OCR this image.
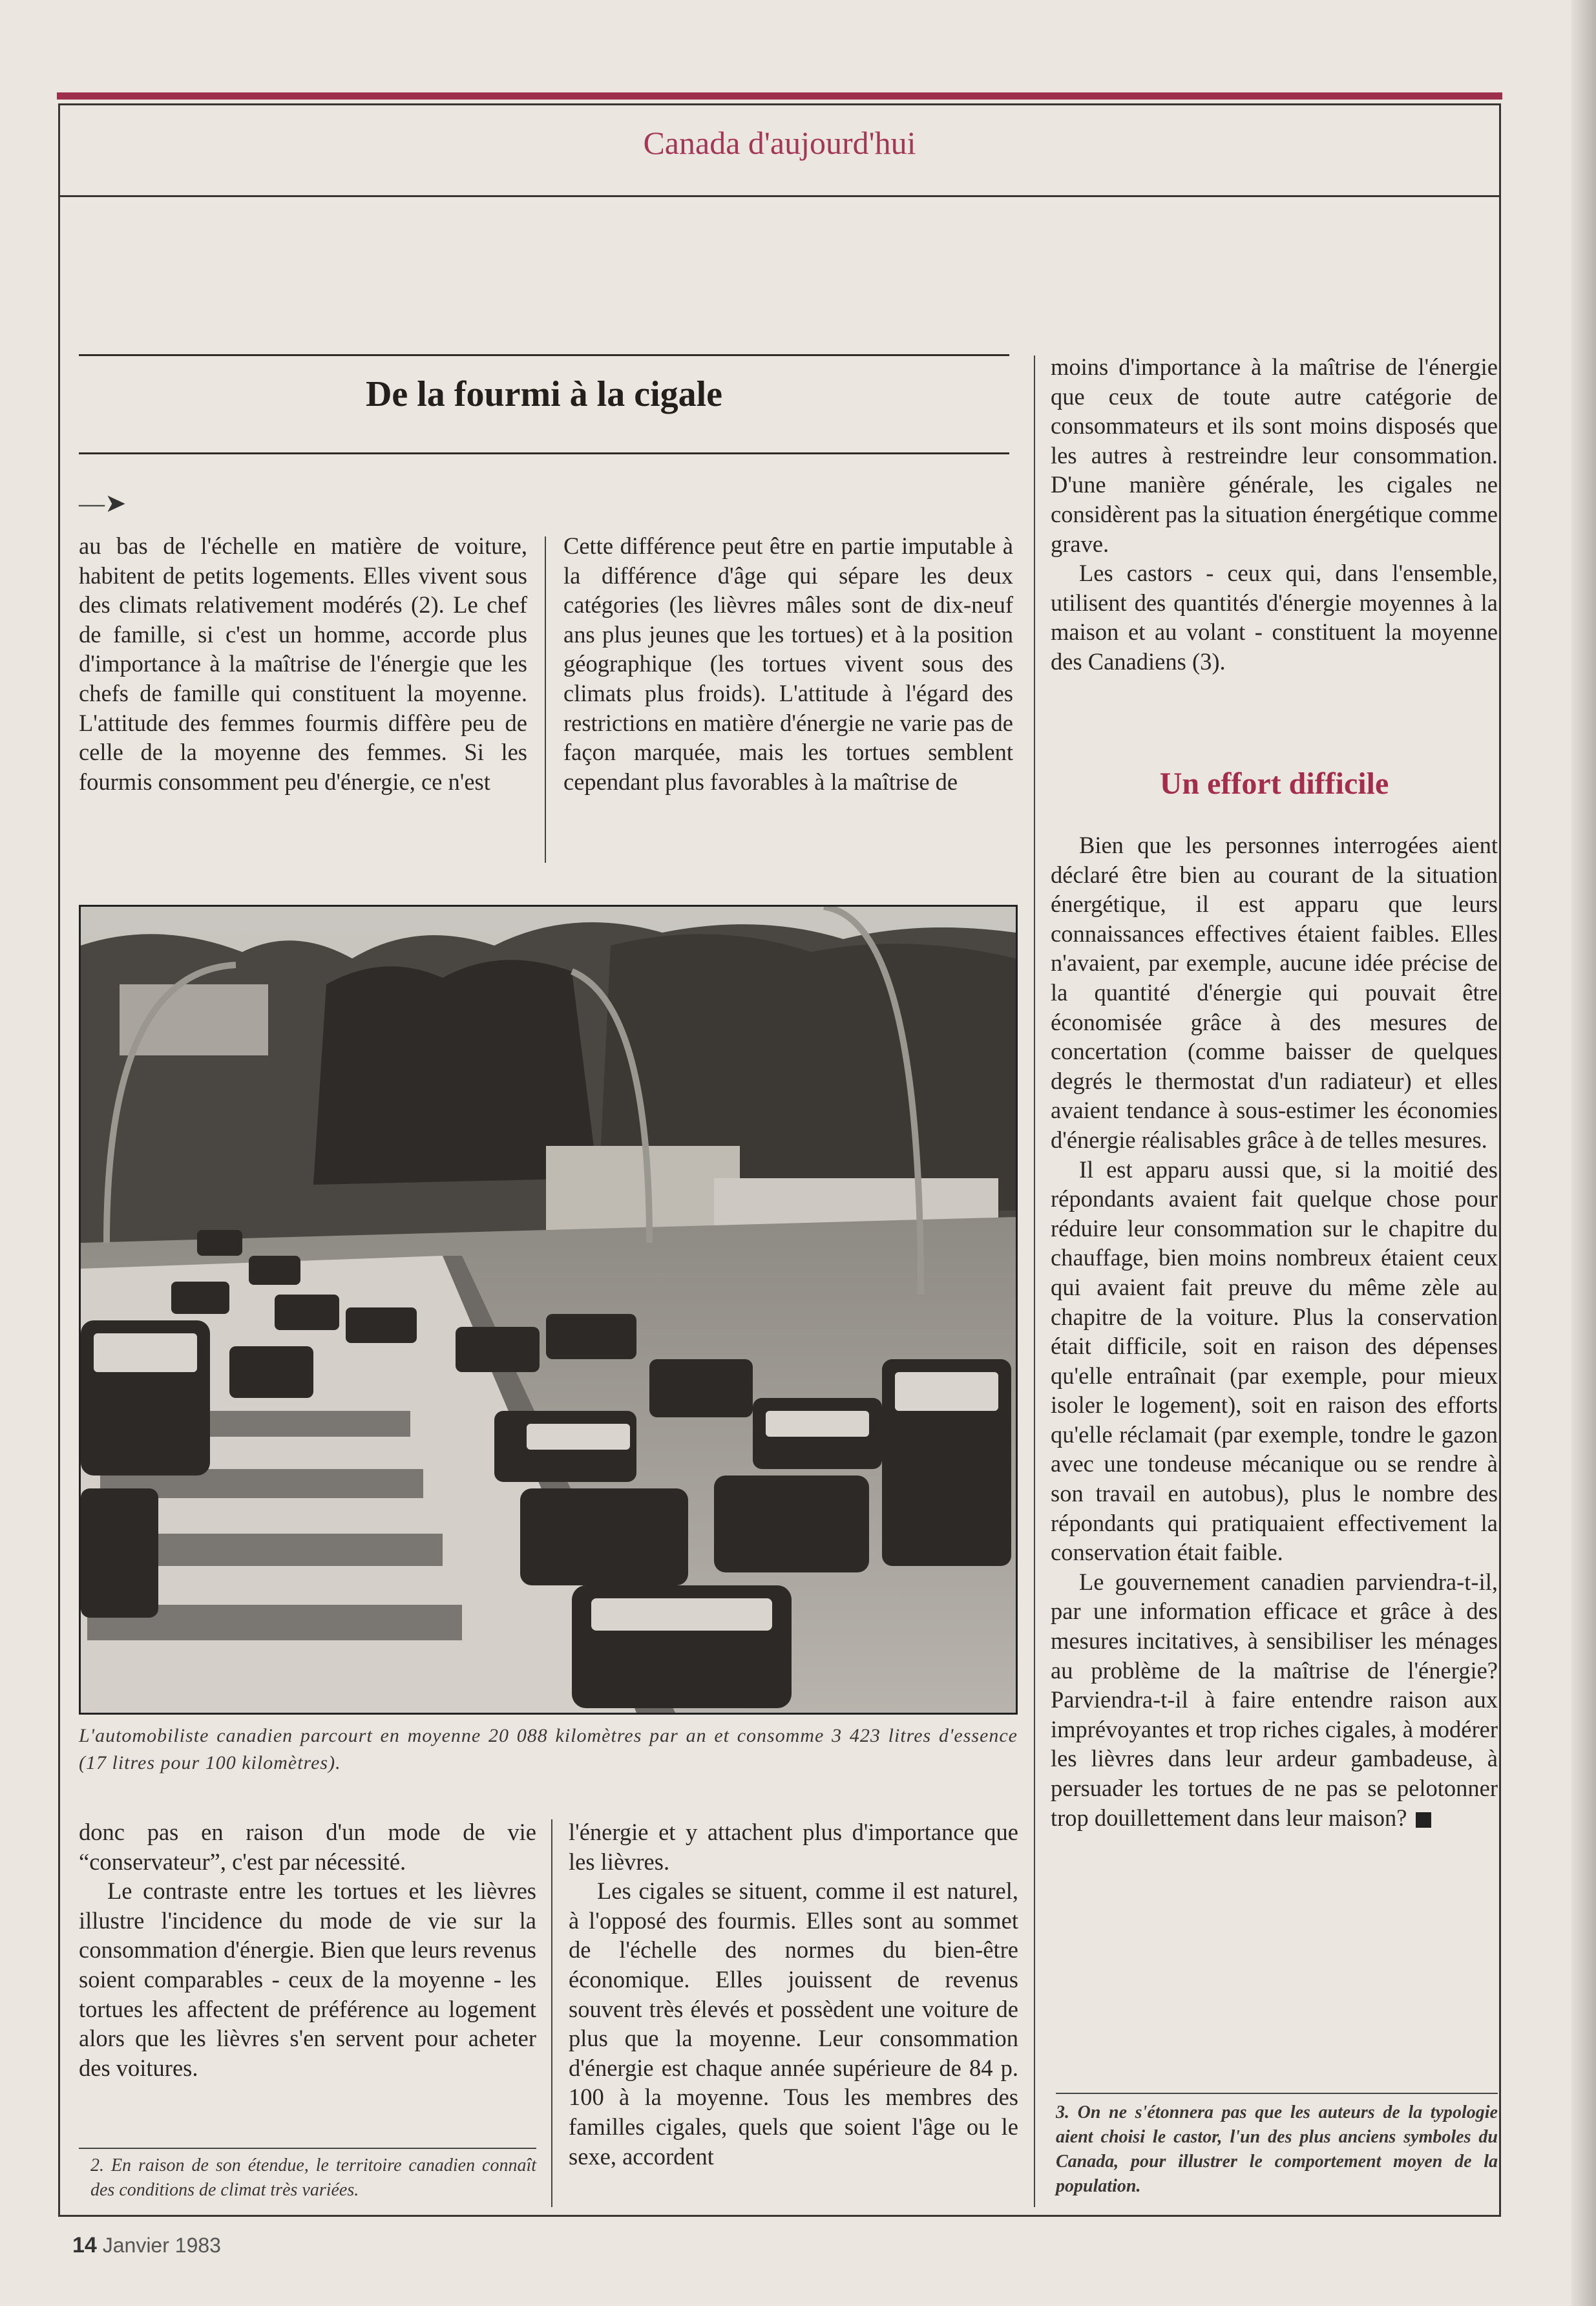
Canada d'aujourd'hui
De la fourmi à la cigale
—➤

au bas de l'échelle en matière de voiture, habitent de petits logements. Elles vivent sous des climats relativement modérés (2). Le chef de famille, si c'est un homme, accorde plus d'importance à la maîtrise de l'énergie que les chefs de famille qui constituent la moyenne. L'attitude des femmes fourmis diffère peu de celle de la moyenne des femmes. Si les fourmis consomment peu d'énergie, ce n'est

Cette différence peut être en partie imputable à la différence d'âge qui sépare les deux catégories (les lièvres mâles sont de dix-neuf ans plus jeunes que les tortues) et à la position géographique (les tortues vivent sous des climats plus froids). L'attitude à l'égard des restrictions en matière d'énergie ne varie pas de façon marquée, mais les tortues semblent cependant plus favorables à la maîtrise de

moins d'importance à la maîtrise de l'énergie que ceux de toute autre catégorie de consommateurs et ils sont moins disposés que les autres à restreindre leur consommation. D'une manière générale, les cigales ne considèrent pas la situation énergétique comme grave.

Les castors - ceux qui, dans l'ensemble, utilisent des quantités d'énergie moyennes à la maison et au volant - constituent la moyenne des Canadiens (3).

Un effort difficile

Bien que les personnes interrogées aient déclaré être bien au courant de la situation énergétique, il est apparu que leurs connaissances effectives étaient faibles. Elles n'avaient, par exemple, aucune idée précise de la quantité d'énergie qui pouvait être économisée grâce à des mesures de concertation (comme baisser de quelques degrés le thermostat d'un radiateur) et elles avaient tendance à sous-estimer les économies d'énergie réalisables grâce à de telles mesures.

Il est apparu aussi que, si la moitié des répondants avaient fait quelque chose pour réduire leur consommation sur le chapitre du chauffage, bien moins nombreux étaient ceux qui avaient fait preuve du même zèle au chapitre de la voiture. Plus la conservation était difficile, soit en raison des dépenses qu'elle entraînait (par exemple, pour mieux isoler le logement), soit en raison des efforts qu'elle réclamait (par exemple, tondre le gazon avec une tondeuse mécanique ou se rendre à son travail en autobus), plus le nombre des répondants qui pratiquaient effectivement la conservation était faible.

Le gouvernement canadien parviendra-t-il, par une information efficace et grâce à des mesures incitatives, à sensibiliser les ménages au problème de la maîtrise de l'énergie? Parviendra-t-il à faire entendre raison aux imprévoyantes et trop riches cigales, à modérer les lièvres dans leur ardeur gambadeuse, à persuader les tortues de ne pas se pelotonner trop douillettement dans leur maison?

L'automobiliste canadien parcourt en moyenne 20 088 kilomètres par an et consomme 3 423 litres d'essence (17 litres pour 100 kilomètres).

donc pas en raison d'un mode de vie “conservateur”, c'est par nécessité.

Le contraste entre les tortues et les lièvres illustre l'incidence du mode de vie sur la consommation d'énergie. Bien que leurs revenus soient comparables - ceux de la moyenne - les tortues les affectent de préférence au logement alors que les lièvres s'en servent pour acheter des voitures.

2. En raison de son étendue, le territoire canadien connaît des conditions de climat très variées.

l'énergie et y attachent plus d'importance que les lièvres.

Les cigales se situent, comme il est naturel, à l'opposé des fourmis. Elles sont au sommet de l'échelle des normes du bien-être économique. Elles jouissent de revenus souvent très élevés et possèdent une voiture de plus que la moyenne. Leur consommation d'énergie est chaque année supérieure de 84 p. 100 à la moyenne. Tous les membres des familles cigales, quels que soient l'âge ou le sexe, accordent

3. On ne s'étonnera pas que les auteurs de la typologie aient choisi le castor, l'un des plus anciens symboles du Canada, pour illustrer le comportement moyen de la population.
14 Janvier 1983
